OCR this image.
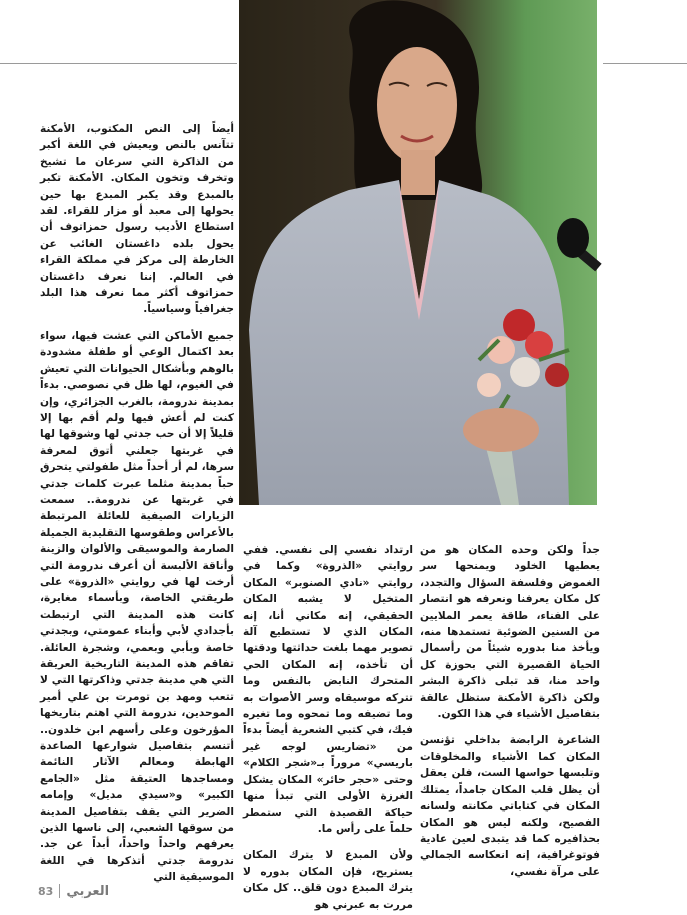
أيضاً إلى النص المكتوب، الأمكنة تتآنس بالنص ويعيش في اللغة أكبر من الذاكرة التي سرعان ما تشيخ وتخرف وتخون المكان. الأمكنة تكبر بالمبدع وقد يكبر المبدع بها حين يحولها إلى معبد أو مزار للقراء. لقد استطاع الأديب رسول حمزاتوف أن يحول بلده داغستان الغائب عن الخارطة إلى مركز في مملكة القراء في العالم. إننا نعرف داغستان حمزاتوف أكثر مما نعرف هذا البلد جغرافياً وسياسياً.

جميع الأماكن التي عشت فيها، سواء بعد اكتمال الوعي أو طفلة مشدودة بالوهم وبأشكال الحيوانات التي تعيش في الغيوم، لها ظل في نصوصي. بدءاً بمدينة ندرومة، بالغرب الجزائري، وإن كنت لم أعش فيها ولم أقم بها إلا قليلاً إلا أن حب جدتي لها وشوقها لها في غربتها جعلني أتوق لمعرفة سرها، لم أر أحداً مثل طفولتي يتحرق حباً بمدينة مثلما عبرت كلمات جدتي في غربتها عن ندرومة.. سمعت الزيارات الصيفية للعائلة المرتبطة بالأعراس وطقوسها التقليدية الجميلة الصارمة والموسيقى والألوان والزينة وأناقة الألبسة أن أعرف ندرومة التي أرخت لها في روايتي «الذروة» على طريقتي الخاصة، وبأسماء مغايرة، كانت هذه المدينة التي ارتبطت بأجدادي لأبي وأبناء عمومتي، وبجدتي خاصة وبأبي وبعمي، وشجرة العائلة. تفاقم هذه المدينة التاريخية العريقة التي هي مدينة جدتي وذاكرتها التي لا تتعب ومهد بن تومرت بن علي أمير الموحدين، ندرومة التي اهتم بتاريخها المؤرخون وعلى رأسهم ابن خلدون.. أتنسم بتفاصيل شوارعها الصاعدة الهابطة ومعالم الآثار النائمة ومساجدها العتيقة مثل «الجامع الكبير» و«سيدي مديل» وإمامه الضرير التي يقف بتفاصيل المدينة من سوقها الشعبي، إلى ناسها الذين يعرفهم واحداً واحداً، أبداً عن جد. ندرومة جدتي أتذكرها في اللغة الموسيقية التي

ارتداد نفسي إلى نفسي. ففي روايتي «الذروة» وكما في روايتي «نادي الصنوبر» المكان المتخيل لا يشبه المكان الحقيقي، إنه مكاني أنا، إنه المكان الذي لا تستطيع آلة تصوير مهما بلغت حداثتها ودقتها أن تأخذه، إنه المكان الحي المتحرك النابض بالنفس وما تتركه موسيقاه وسر الأصوات به وما تضيفه وما تمحوه وما تغيره فيك، في كتبي الشعرية أيضاً بدءاً من «تضاريس لوجه غير باريسي» مروراً بـ«شجر الكلام» وحتى «حجر حائر» المكان يشكل الغرزة الأولى التي تبدأ منها حياكة القصيدة التي ستمطر حلماً على رأس ما.

ولأن المبدع لا يترك المكان يستريح، فإن المكان بدوره لا يترك المبدع دون قلق.. كل مكان مررت به عبرني هو

جداً ولكن وحده المكان هو من يعطيها الخلود ويمنحها سر الغموض وفلسفة السؤال والتجدد، كل مكان يعرفنا ونعرفه هو انتصار على الفناء، طاقة يعمر الملايين من السنين الضوئية تستمدها منه، ويأخذ منا بدوره شيئاً من رأسمال الحياة القصيرة التي بحوزة كل واحد منا، قد تبلى ذاكرة البشر ولكن ذاكرة الأمكنة ستظل عالقة بتفاصيل الأشياء في هذا الكون.

الشاعرة الرابضة بداخلي تؤنسن المكان كما الأشياء والمخلوقات وتلبسها حواسها الست، فلن يعقل أن يظل قلب المكان جامداً، يمتلك المكان في كتاباتي مكانته ولسانه الفصيح، ولكنه ليس هو المكان بحذافيره كما قد يتبدى لعين عادية فوتوغرافية، إنه انعكاسه الجمالي على مرآة نفسي،

83 العربي
